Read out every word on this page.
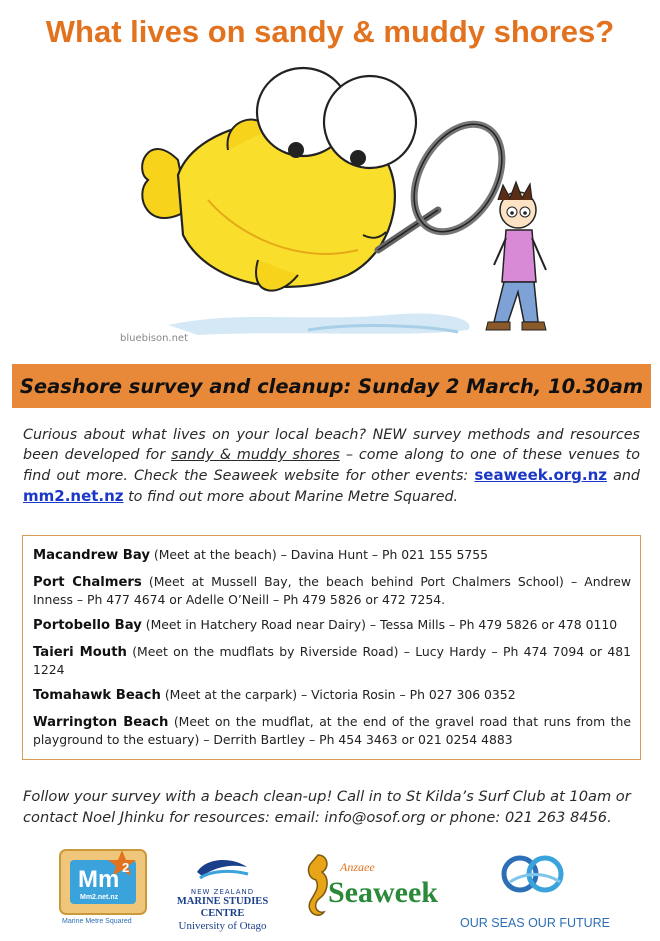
What lives on sandy & muddy shores?
bluebison.net
Seashore survey and cleanup: Sunday 2 March, 10.30am

Curious about what lives on your local beach? NEW survey methods and resources been developed for sandy & muddy shores – come along to one of these venues to find out more. Check the Seaweek website for other events: seaweek.org.nz and mm2.net.nz to find out more about Marine Metre Squared.

Macandrew Bay (Meet at the beach) – Davina Hunt – Ph 021 155 5755
Port Chalmers (Meet at Mussell Bay, the beach behind Port Chalmers School) – Andrew Inness – Ph 477 4674 or Adelle O’Neill – Ph 479 5826 or 472 7254.
Portobello Bay (Meet in Hatchery Road near Dairy) – Tessa Mills – Ph 479 5826 or 478 0110
Taieri Mouth (Meet on the mudflats by Riverside Road) – Lucy Hardy – Ph 474 7094 or 481 1224
Tomahawk Beach (Meet at the carpark) – Victoria Rosin – Ph 027 306 0352
Warrington Beach (Meet on the mudflat, at the end of the gravel road that runs from the playground to the estuary) – Derrith Bartley – Ph 454 3463 or 021 0254 4883

Follow your survey with a beach clean-up! Call in to St Kilda’s Surf Club at 10am or contact Noel Jhinku for resources: email: info@osof.org or phone: 021 263 8456.

Mm 2
Mm2.net.nz
Marine Metre Squared
NEW ZEALAND
MARINE STUDIES CENTRE
University of Otago
Anzaee
Seaweek
OUR SEAS OUR FUTURE
